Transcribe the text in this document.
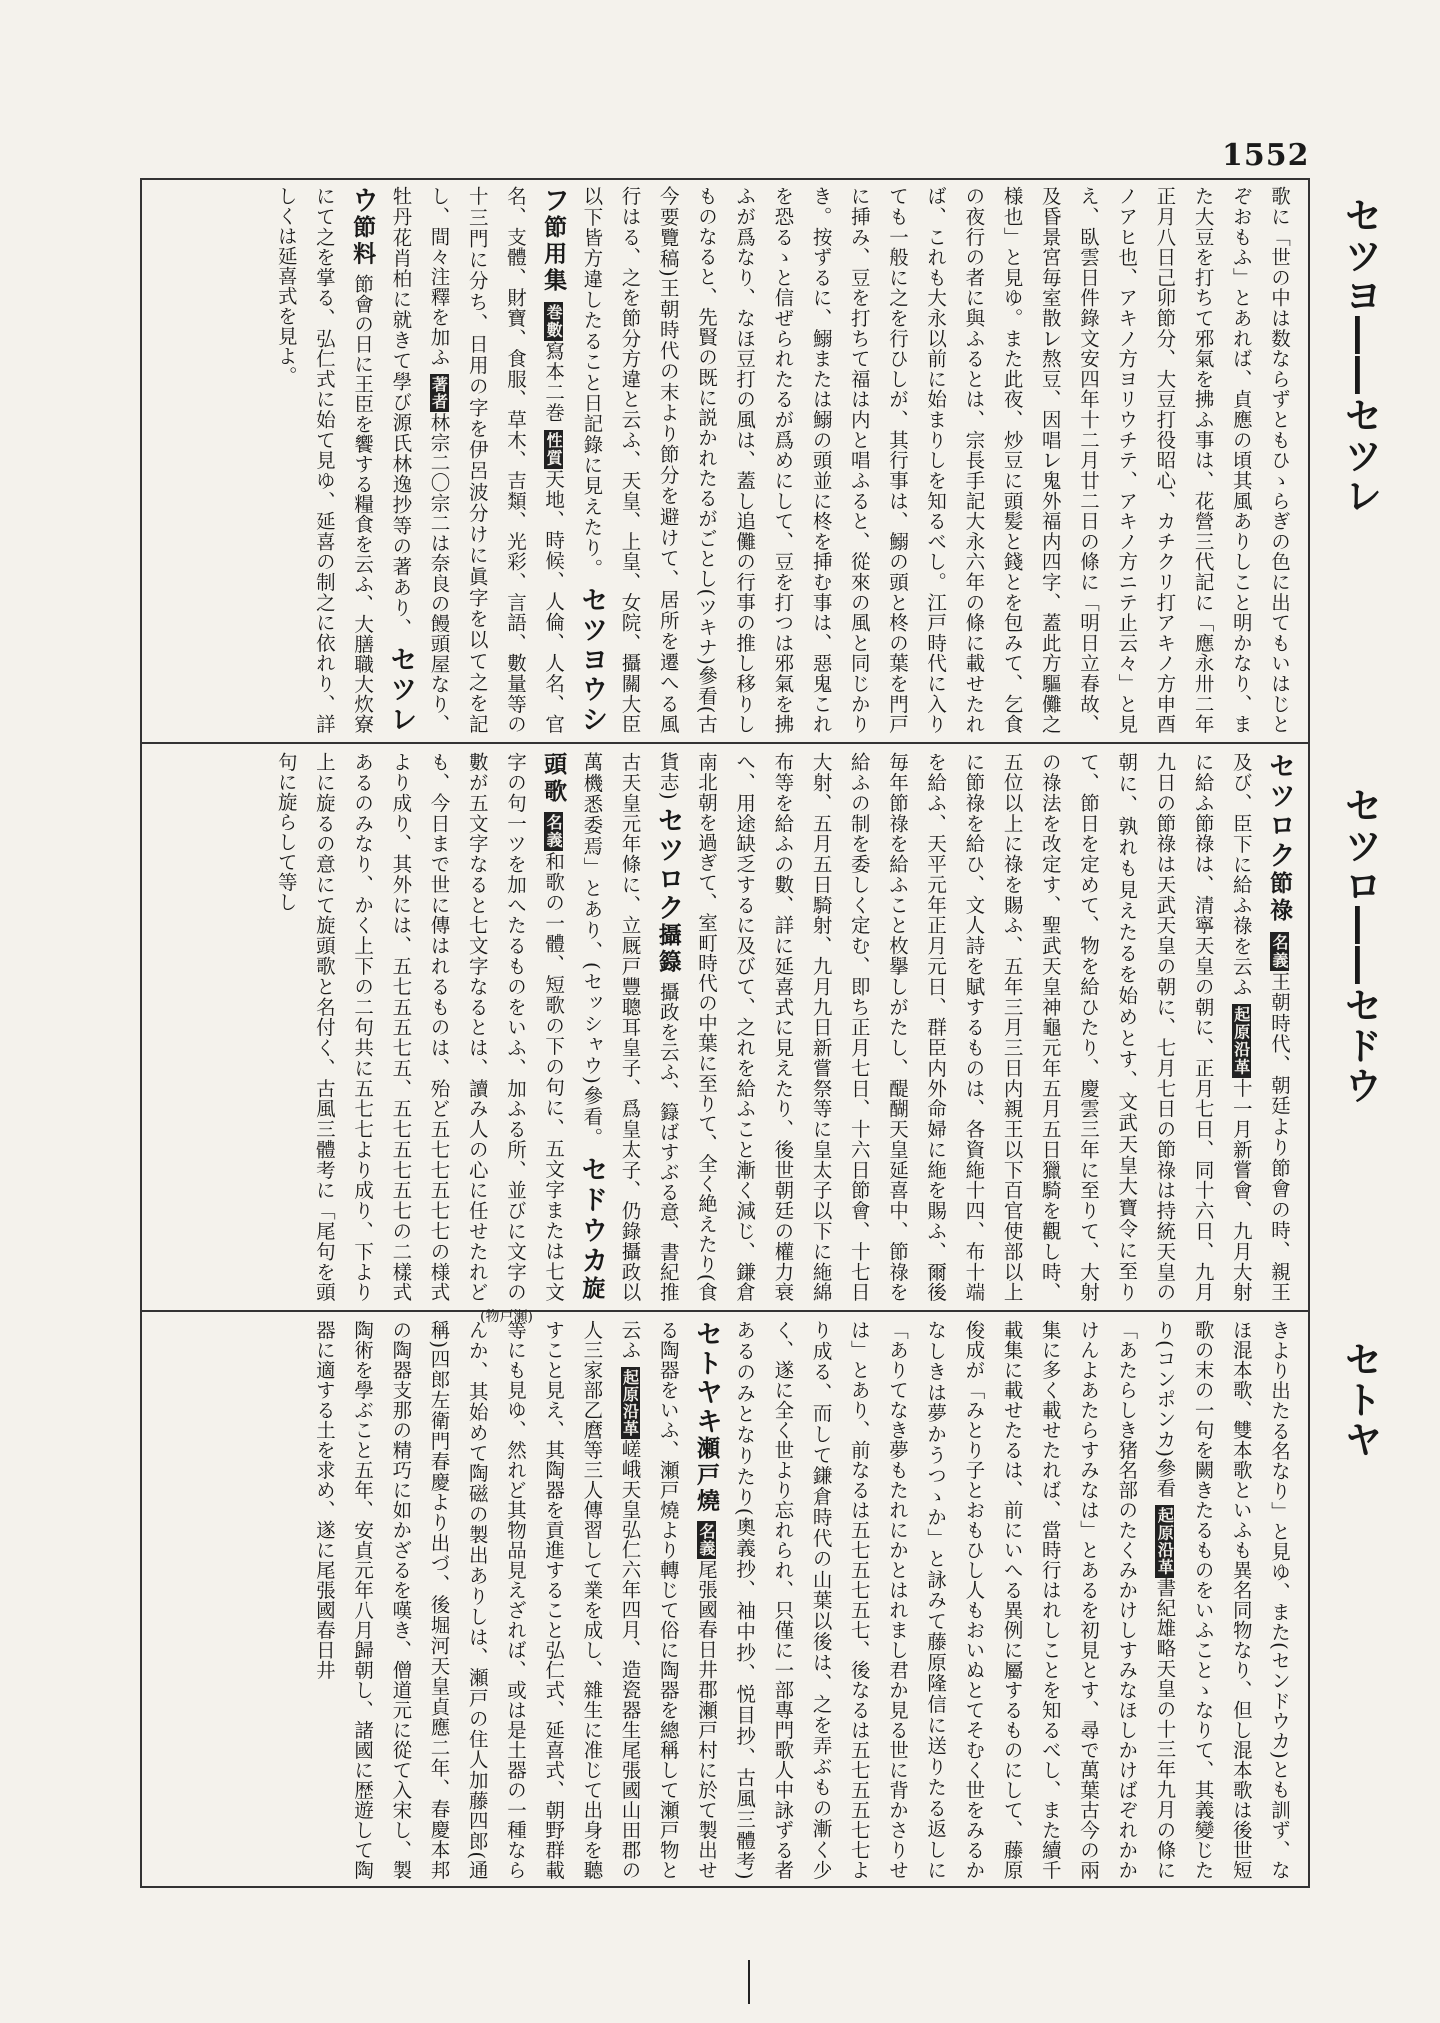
1552
セツヨ――セツレ
セツロ――セドウ
セトヤ
歌に「世の中は数ならずともひゝらぎの色に出てもいはじとぞおもふ」とあれば、貞應の頃其風ありしこと明かなり、また大豆を打ちて邪氣を拂ふ事は、花營三代記に「應永卅二年正月八日己卯節分、大豆打役昭心、カチクリ打アキノ方申酉ノアヒ也、アキノ方ヨリウチテ、アキノ方ニテ止云々」と見え、臥雲日件錄文安四年十二月廿二日の條に「明日立春故、及昏景宮毎室散㆑熬豆、因唱㆑鬼外福内四字、蓋此方驅儺之様也」と見ゆ。また此夜、炒豆に頭髪と錢とを包みて、乞食の夜行の者に與ふるとは、宗長手記大永六年の條に載せたれば、これも大永以前に始まりしを知るべし。江戸時代に入りても一般に之を行ひしが、其行事は、鰯の頭と柊の葉を門戸に挿み、豆を打ちて福は内と唱ふると、從來の風と同じかりき。按ずるに、鰯または鰯の頭並に柊を挿む事は、惡鬼これを恐るゝと信ぜられたるが爲めにして、豆を打つは邪氣を拂ふが爲なり、なほ豆打の風は、蓋し追儺の行事の推し移りしものなると、先賢の既に説かれたるがごとし(ツキナ)參看(古今要覽稿)王朝時代の末より節分を避けて、居所を遷へる風行はる、之を節分方違と云ふ、天皇、上皇、女院、攝關大臣以下皆方違したること日記錄に見えたり。 セツヨウシフ節用集 巻數寫本二巻 性質天地、時候、人倫、人名、官名、支體、財寶、食服、草木、吉類、光彩、言語、數量等の十三門に分ち、日用の字を伊呂波分けに眞字を以て之を記し、間々注釋を加ふ 著者林宗二〇宗二は奈良の饅頭屋なり、牡丹花肖柏に就きて學び源氏林逸抄等の著あり、 セツレウ節料 節會の日に王臣を饗する糧食を云ふ、大膳職大炊寮にて之を掌る、弘仁式に始て見ゆ、延喜の制之に依れり、詳しくは延喜式を見よ。
セツロク節祿 名義王朝時代、朝廷より節會の時、親王及び、臣下に給ふ祿を云ふ 起原沿革十一月新嘗會、九月大射に給ふ節祿は、清寧天皇の朝に、正月七日、同十六日、九月九日の節祿は天武天皇の朝に、七月七日の節祿は持統天皇の朝に、孰れも見えたるを始めとす、文武天皇大寶令に至りて、節日を定めて、物を給ひたり、慶雲三年に至りて、大射の祿法を改定す、聖武天皇神龜元年五月五日獵騎を觀し時、五位以上に祿を賜ふ、五年三月三日内親王以下百官使部以上に節祿を給ひ、文人詩を賦するものは、各資絁十四、布十端を給ふ、天平元年正月元日、群臣内外命婦に絁を賜ふ、爾後毎年節祿を給ふこと枚擧しがたし、醍醐天皇延喜中、節祿を給ふの制を委しく定む、即ち正月七日、十六日節會、十七日大射、五月五日騎射、九月九日新嘗祭等に皇太子以下に絁綿布等を給ふの數、詳に延喜式に見えたり、後世朝廷の權力衰へ、用途缺乏するに及びて、之れを給ふこと漸く減じ、鎌倉南北朝を過ぎて、室町時代の中葉に至りて、全く絶えたり(食貨志) セツロク攝籙 攝政を云ふ、籙ばすぶる意、書紀推古天皇元年條に、立厩戸豐聰耳皇子、爲皇太子、仍錄攝政以萬機悉委焉」とあり、(セッシャウ)參看。 セドウカ旋頭歌 名義和歌の一體、短歌の下の句に、五文字または七文字の句一ツを加へたるものをいふ、加ふる所、並びに文字の數が五文字なると七文字なるとは、讀み人の心に任せたれども、今日まで世に傳はれるものは、殆ど五七七五七七の様式より成り、其外には、五七五五七五、五七五七五七の二樣式あるのみなり、かく上下の二句共に五七七より成り、下より上に旋るの意にて旋頭歌と名付く、古風三體考に「尾句を頭句に旋らして等し
きより出たる名なり」と見ゆ、また(センドウカ)とも訓ず、なほ混本歌、雙本歌といふも異名同物なり、但し混本歌は後世短歌の末の一句を闕きたるものをいふことゝなりて、其義變じたり(コンポンカ)參看 起原沿革書紀雄略天皇の十三年九月の條に「あたらしき猪名部のたくみかけしすみなほしかけばぞれかかけんよあたらすみなは」とあるを初見とす、尋で萬葉古今の兩集に多く載せたれば、當時行はれしことを知るべし、また續千載集に載せたるは、前にいへる異例に屬するものにして、藤原俊成が「みとり子とおもひし人もおいぬとてそむく世をみるかなしきは夢かうつゝか」と詠みて藤原隆信に送りたる返しに「ありてなき夢もたれにかとはれまし君か見る世に背かさりせは」とあり、前なるは五七五七五七、後なるは五七五五七七より成る、而して鎌倉時代の山葉以後は、之を弄ぶもの漸く少く、遂に全く世より忘れられ、只僅に一部專門歌人中詠ずる者あるのみとなりたり(奧義抄、袖中抄、悦目抄、古風三體考) セトヤキ瀬戸燒 名義尾張國春日井郡瀬戸村に於て製出せる陶器をいふ、瀬戸燒より轉じて俗に陶器を總稱して瀬戸物と云ふ 起原沿革嵯峨天皇弘仁六年四月、造瓷器生尾張國山田郡の人三家部乙麿等三人傳習して業を成し、雜生に准じて出身を聽すこと見え、其陶器を貢進すること弘仁式、延喜式、朝野群載等にも見ゆ、然れど其物品見えざれば、或は是土器の一種ならんか、其始めて陶磁の製出ありしは、瀬戸の住人加藤四郎(通稱)四郎左衛門春慶より出づ、後堀河天皇貞應二年、春慶本邦の陶器支那の精巧に如かざるを嘆き、僧道元に從て入宋し、製陶術を學ぶこと五年、安貞元年八月歸朝し、諸國に歴遊して陶器に適する土を求め、遂に尾張國春日井
(物戸瀬)
